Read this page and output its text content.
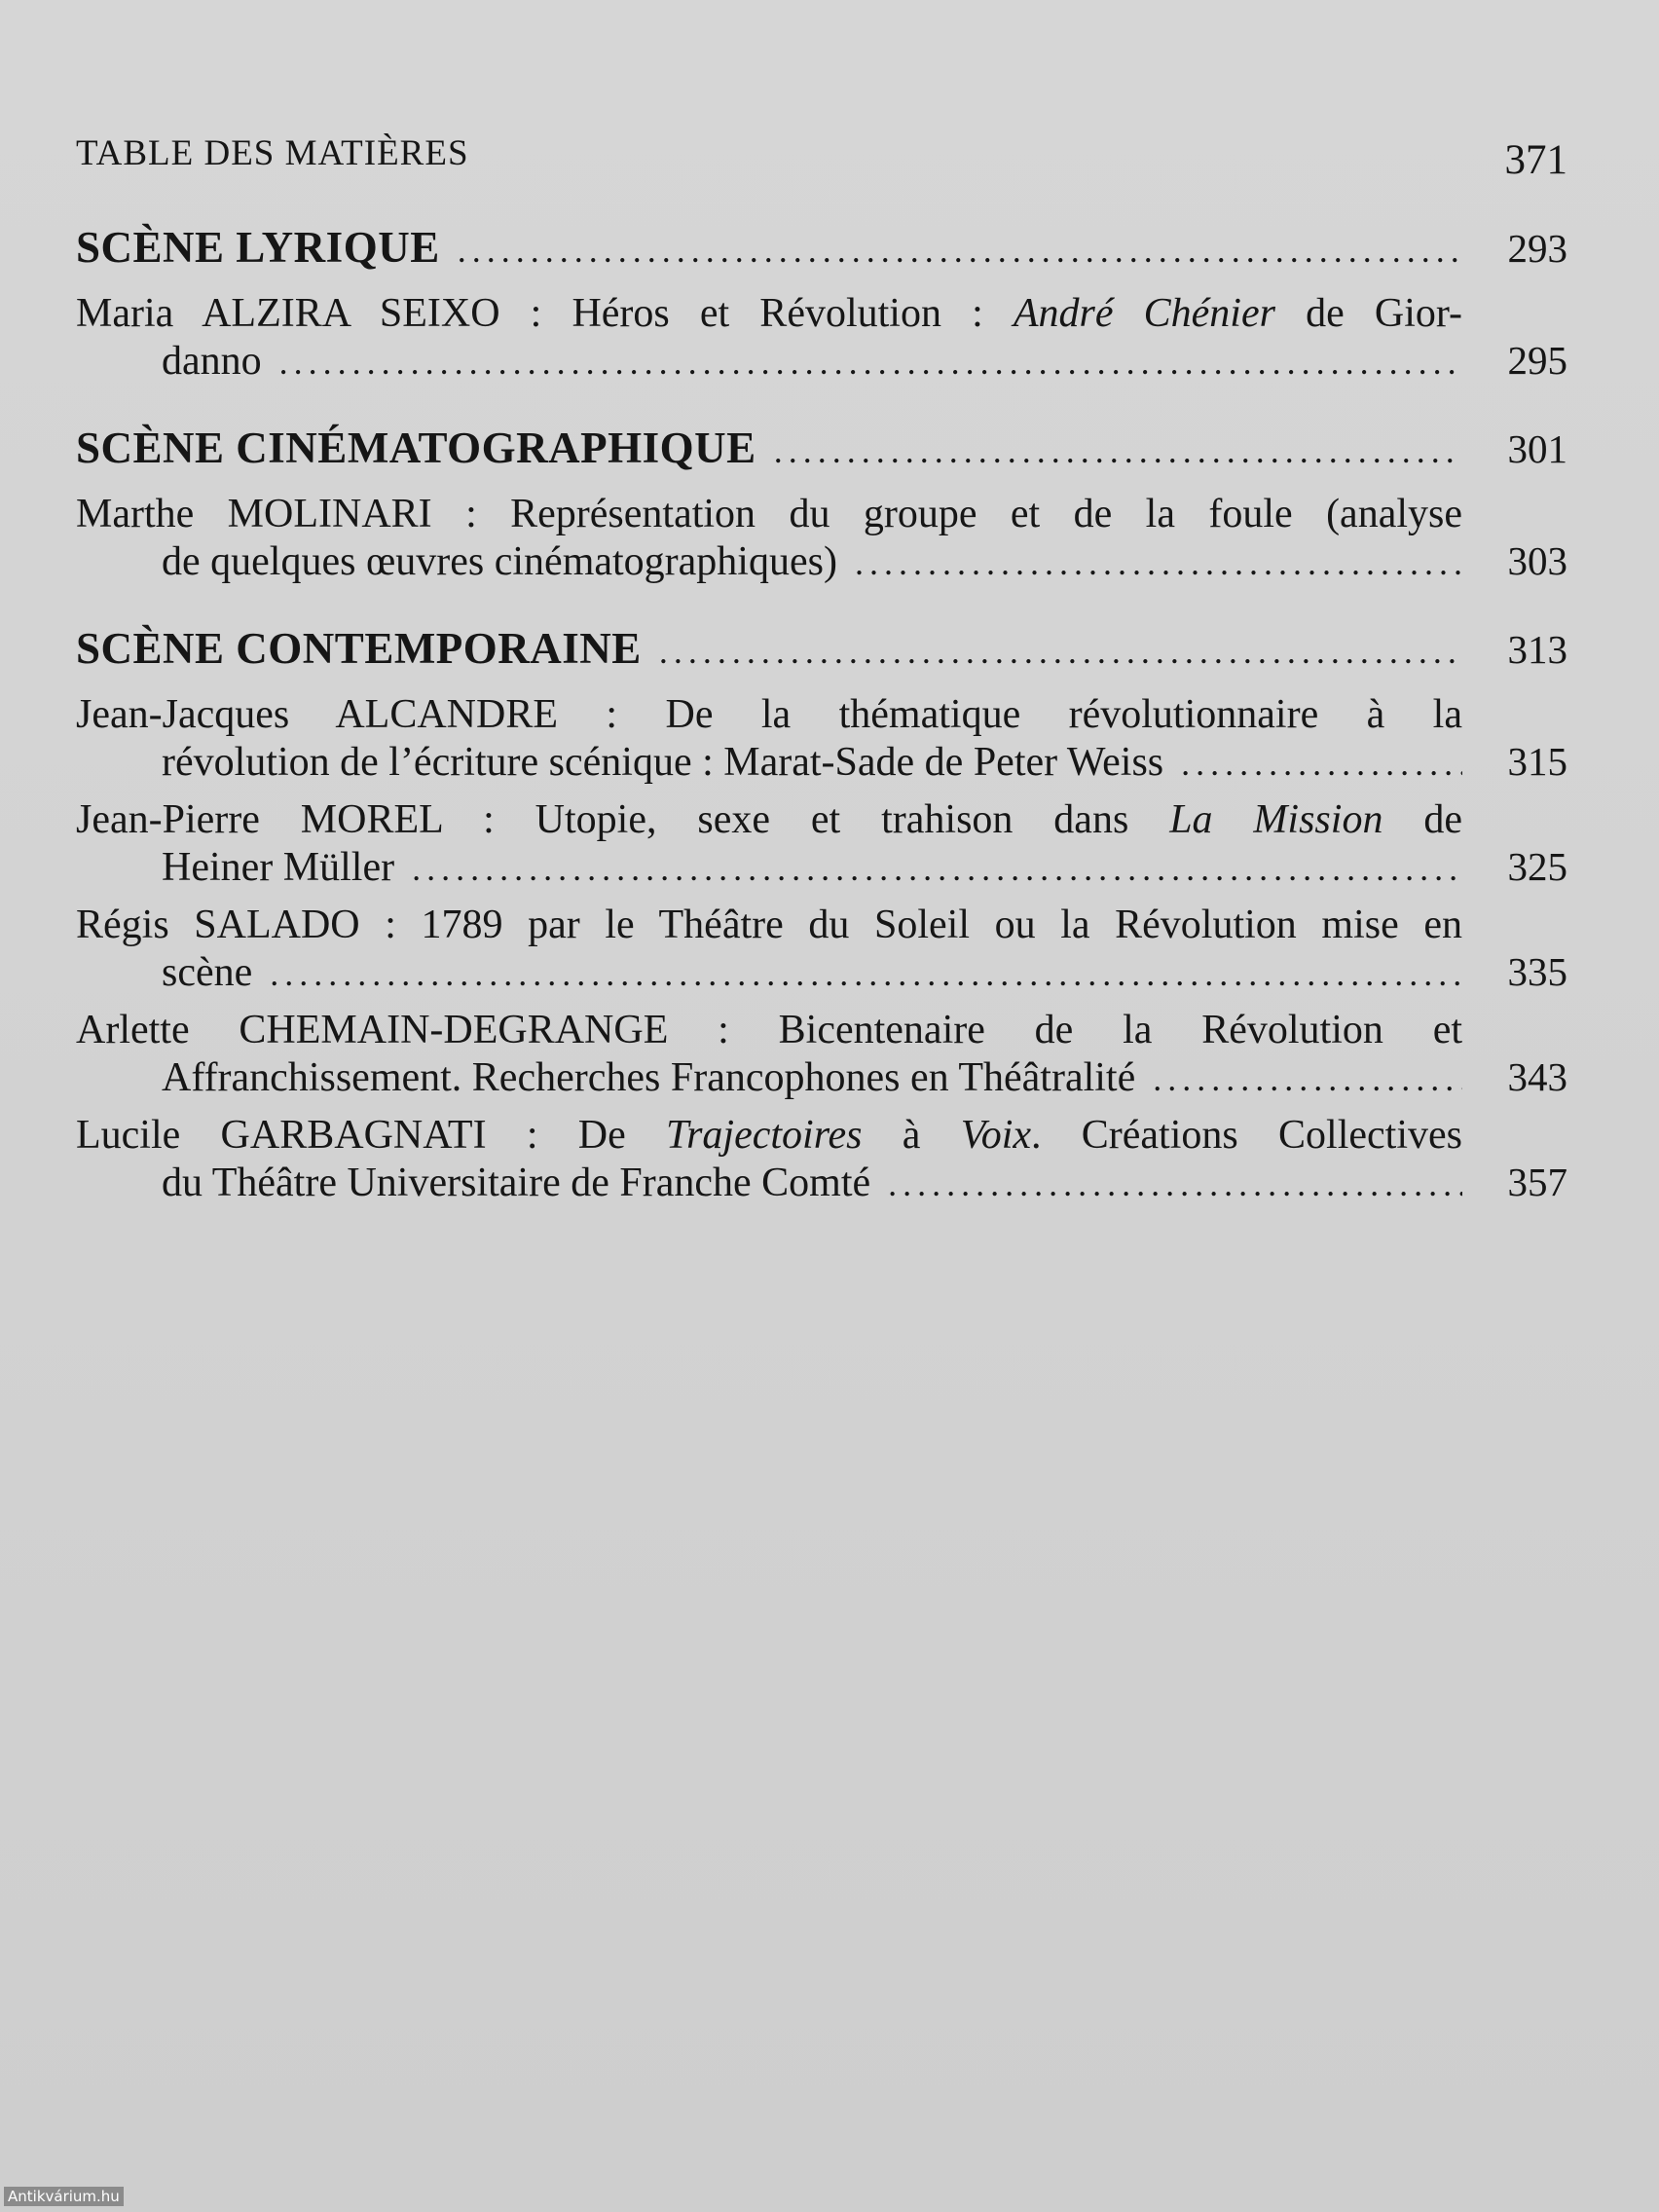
TABLE DES MATIÈRES	371
SCÈNE LYRIQUE .....	293
Maria ALZIRA SEIXO : Héros et Révolution : André Chénier de Gior-
danno .....	295
SCÈNE CINÉMATOGRAPHIQUE .....	301
Marthe MOLINARI : Représentation du groupe et de la foule (analyse
de quelques œuvres cinématographiques) .....	303
SCÈNE CONTEMPORAINE .....	313
Jean-Jacques ALCANDRE : De la thématique révolutionnaire à la
révolution de l’écriture scénique : Marat-Sade de Peter Weiss .....	315
Jean-Pierre MOREL : Utopie, sexe et trahison dans La Mission de
Heiner Müller .....	325
Régis SALADO : 1789 par le Théâtre du Soleil ou la Révolution mise en
scène .....	335
Arlette CHEMAIN-DEGRANGE : Bicentenaire de la Révolution et
Affranchissement. Recherches Francophones en Théâtralité .....	343
Lucile GARBAGNATI : De Trajectoires à Voix. Créations Collectives
du Théâtre Universitaire de Franche Comté .....	357
Antikvárium.hu
